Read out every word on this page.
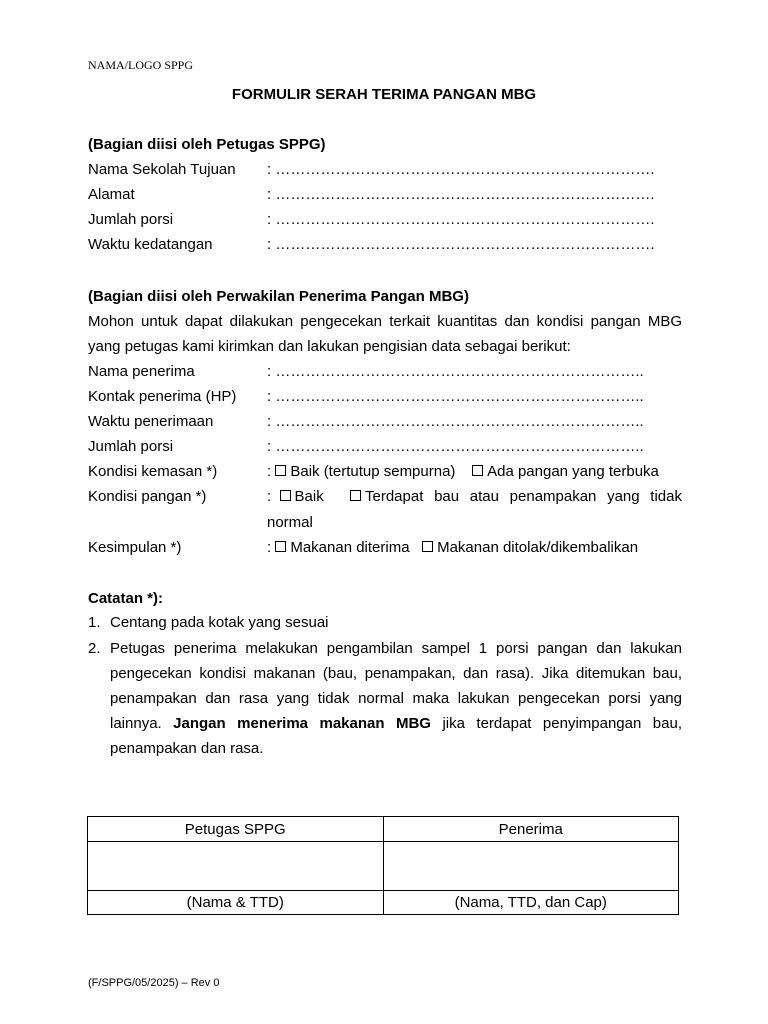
NAMA/LOGO SPPG
FORMULIR SERAH TERIMA PANGAN MBG
(Bagian diisi oleh Petugas SPPG)
Nama Sekolah Tujuan : ………………………………………………………………….
Alamat	: ………………………………………………………………….
Jumlah porsi	: ………………………………………………………………….
Waktu kedatangan	: ………………………………………………………………….
(Bagian diisi oleh Perwakilan Penerima Pangan MBG)
Mohon untuk dapat dilakukan pengecekan terkait kuantitas dan kondisi pangan MBG
yang petugas kami kirimkan dan lakukan pengisian data sebagai berikut:
Nama penerima	: ………………………………………………………………..
Kontak penerima (HP) : ………………………………………………………………..
Waktu penerimaan	: ………………………………………………………………..
Jumlah porsi	: ………………………………………………………………..
Kondisi kemasan *)	: Baik (tertutup sempurna) Ada pangan yang terbuka
Kondisi pangan *)	: Baik	Terdapat bau atau penampakan yang tidak
normal
Kesimpulan *)	: Makanan diterima Makanan ditolak/dikembalikan
Catatan *):
1. Centang pada kotak yang sesuai
2. Petugas penerima melakukan pengambilan sampel 1 porsi pangan dan lakukan
pengecekan kondisi makanan (bau, penampakan, dan rasa). Jika ditemukan bau,
penampakan dan rasa yang tidak normal maka lakukan pengecekan porsi yang
lainnya. Jangan menerima makanan MBG jika terdapat penyimpangan bau,
penampakan dan rasa.
Petugas SPPG	Penerima

(Nama & TTD)	(Nama, TTD, dan Cap)
(F/SPPG/05/2025) – Rev 0
